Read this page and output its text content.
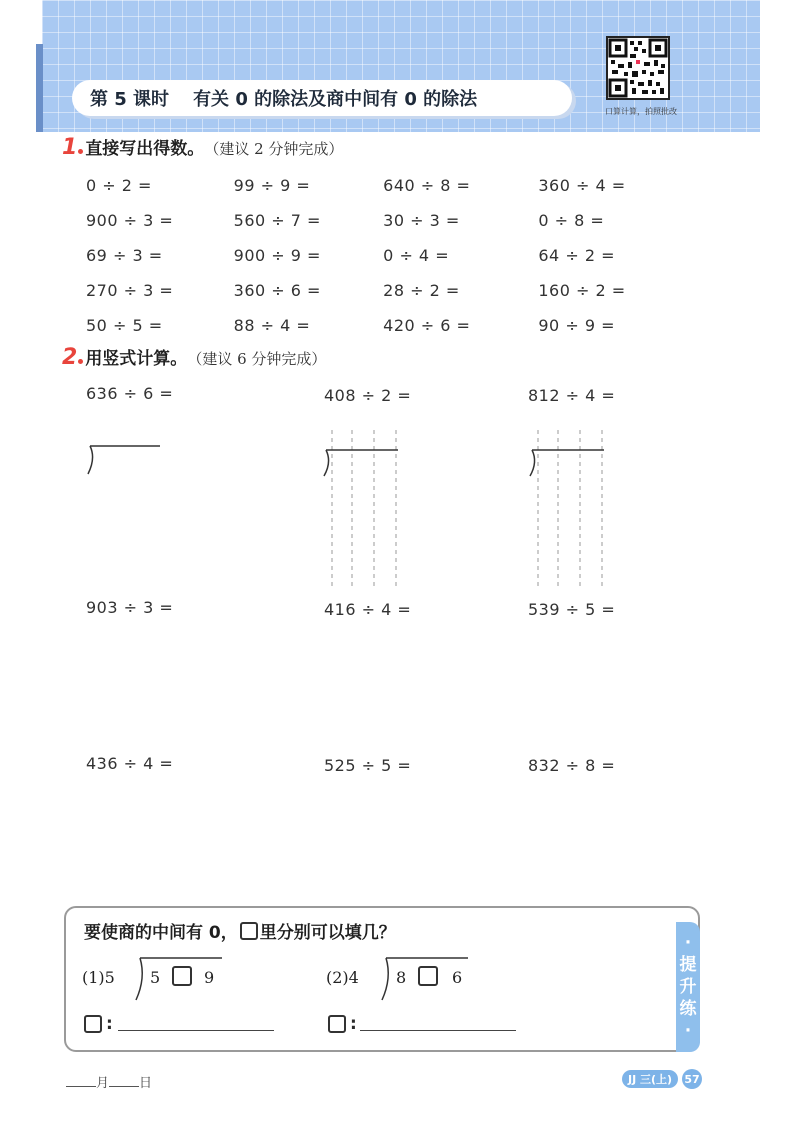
第 5 课时 有关 0 的除法及商中间有 0 的除法
口算计算，拍照批改
1 直接写出得数。 （建议 2 分钟完成）
0 ÷ 2 =	99 ÷ 9 =	640 ÷ 8 =	360 ÷ 4 =
900 ÷ 3 =	560 ÷ 7 =	30 ÷ 3 =	0 ÷ 8 =
69 ÷ 3 =	900 ÷ 9 =	0 ÷ 4 =	64 ÷ 2 =
270 ÷ 3 =	360 ÷ 6 =	28 ÷ 2 =	160 ÷ 2 =
50 ÷ 5 =	88 ÷ 4 =	420 ÷ 6 =	90 ÷ 9 =
2 用竖式计算。 （建议 6 分钟完成）
636 ÷ 6 =	408 ÷ 2 =	812 ÷ 4 =
903 ÷ 3 =	416 ÷ 4 =	539 ÷ 5 =
436 ÷ 4 =	525 ÷ 5 =	832 ÷ 8 =
·
提
升
练
·
要使商的中间有 0， 里分别可以填几？
(1)5 5	9	(2)4 8	6
:	:
月 日	JJ 三(上)	57
